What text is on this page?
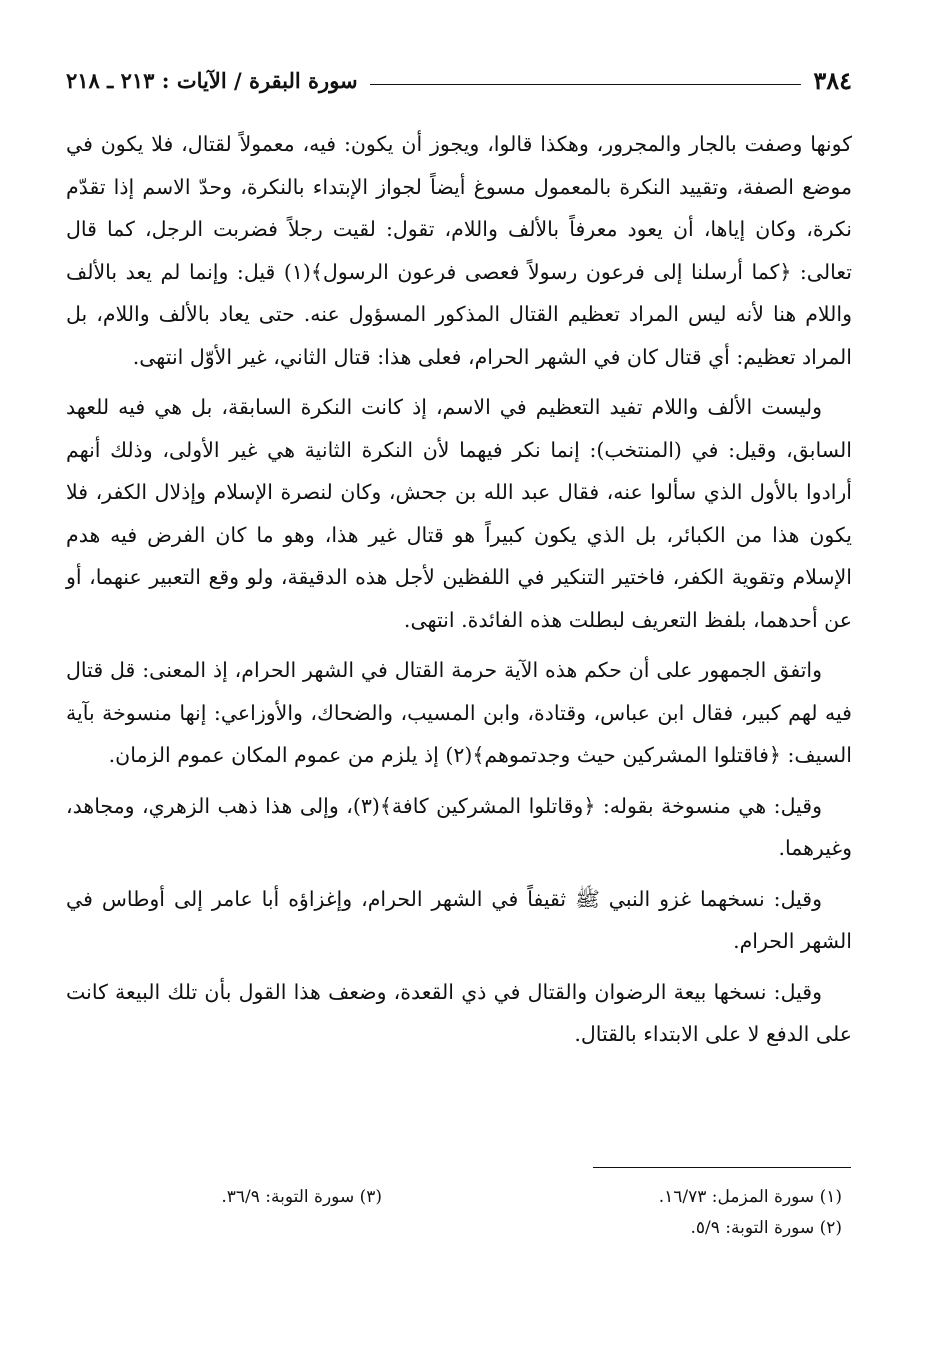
٣٨٤
سورة البقرة / الآيات : ٢١٣ ـ ٢١٨

كونها وصفت بالجار والمجرور، وهكذا قالوا، ويجوز أن يكون: فيه، معمولاً لقتال، فلا يكون في موضع الصفة، وتقييد النكرة بالمعمول مسوغ أيضاً لجواز الإبتداء بالنكرة، وحدّ الاسم إذا تقدّم نكرة، وكان إياها، أن يعود معرفاً بالألف واللام، تقول: لقيت رجلاً فضربت الرجل، كما قال تعالى: ﴿كما أرسلنا إلى فرعون رسولاً فعصى فرعون الرسول﴾(١) قيل: وإنما لم يعد بالألف واللام هنا لأنه ليس المراد تعظيم القتال المذكور المسؤول عنه. حتى يعاد بالألف واللام، بل المراد تعظيم: أي قتال كان في الشهر الحرام، فعلى هذا: قتال الثاني، غير الأوّل انتهى.

وليست الألف واللام تفيد التعظيم في الاسم، إذ كانت النكرة السابقة، بل هي فيه للعهد السابق، وقيل: في (المنتخب): إنما نكر فيهما لأن النكرة الثانية هي غير الأولى، وذلك أنهم أرادوا بالأول الذي سألوا عنه، فقال عبد الله بن جحش، وكان لنصرة الإسلام وإذلال الكفر، فلا يكون هذا من الكبائر، بل الذي يكون كبيراً هو قتال غير هذا، وهو ما كان الفرض فيه هدم الإسلام وتقوية الكفر، فاختير التنكير في اللفظين لأجل هذه الدقيقة، ولو وقع التعبير عنهما، أو عن أحدهما، بلفظ التعريف لبطلت هذه الفائدة. انتهى.

واتفق الجمهور على أن حكم هذه الآية حرمة القتال في الشهر الحرام، إذ المعنى: قل قتال فيه لهم كبير، فقال ابن عباس، وقتادة، وابن المسيب، والضحاك، والأوزاعي: إنها منسوخة بآية السيف: ﴿فاقتلوا المشركين حيث وجدتموهم﴾(٢) إذ يلزم من عموم المكان عموم الزمان.

وقيل: هي منسوخة بقوله: ﴿وقاتلوا المشركين كافة﴾(٣)، وإلى هذا ذهب الزهري، ومجاهد، وغيرهما.

وقيل: نسخهما غزو النبي ﷺ ثقيفاً في الشهر الحرام، وإغزاؤه أبا عامر إلى أوطاس في الشهر الحرام.

وقيل: نسخها بيعة الرضوان والقتال في ذي القعدة، وضعف هذا القول بأن تلك البيعة كانت على الدفع لا على الابتداء بالقتال.

(١) سورة المزمل: ١٦/٧٣.
(٣) سورة التوبة: ٣٦/٩.
(٢) سورة التوبة: ٥/٩.
